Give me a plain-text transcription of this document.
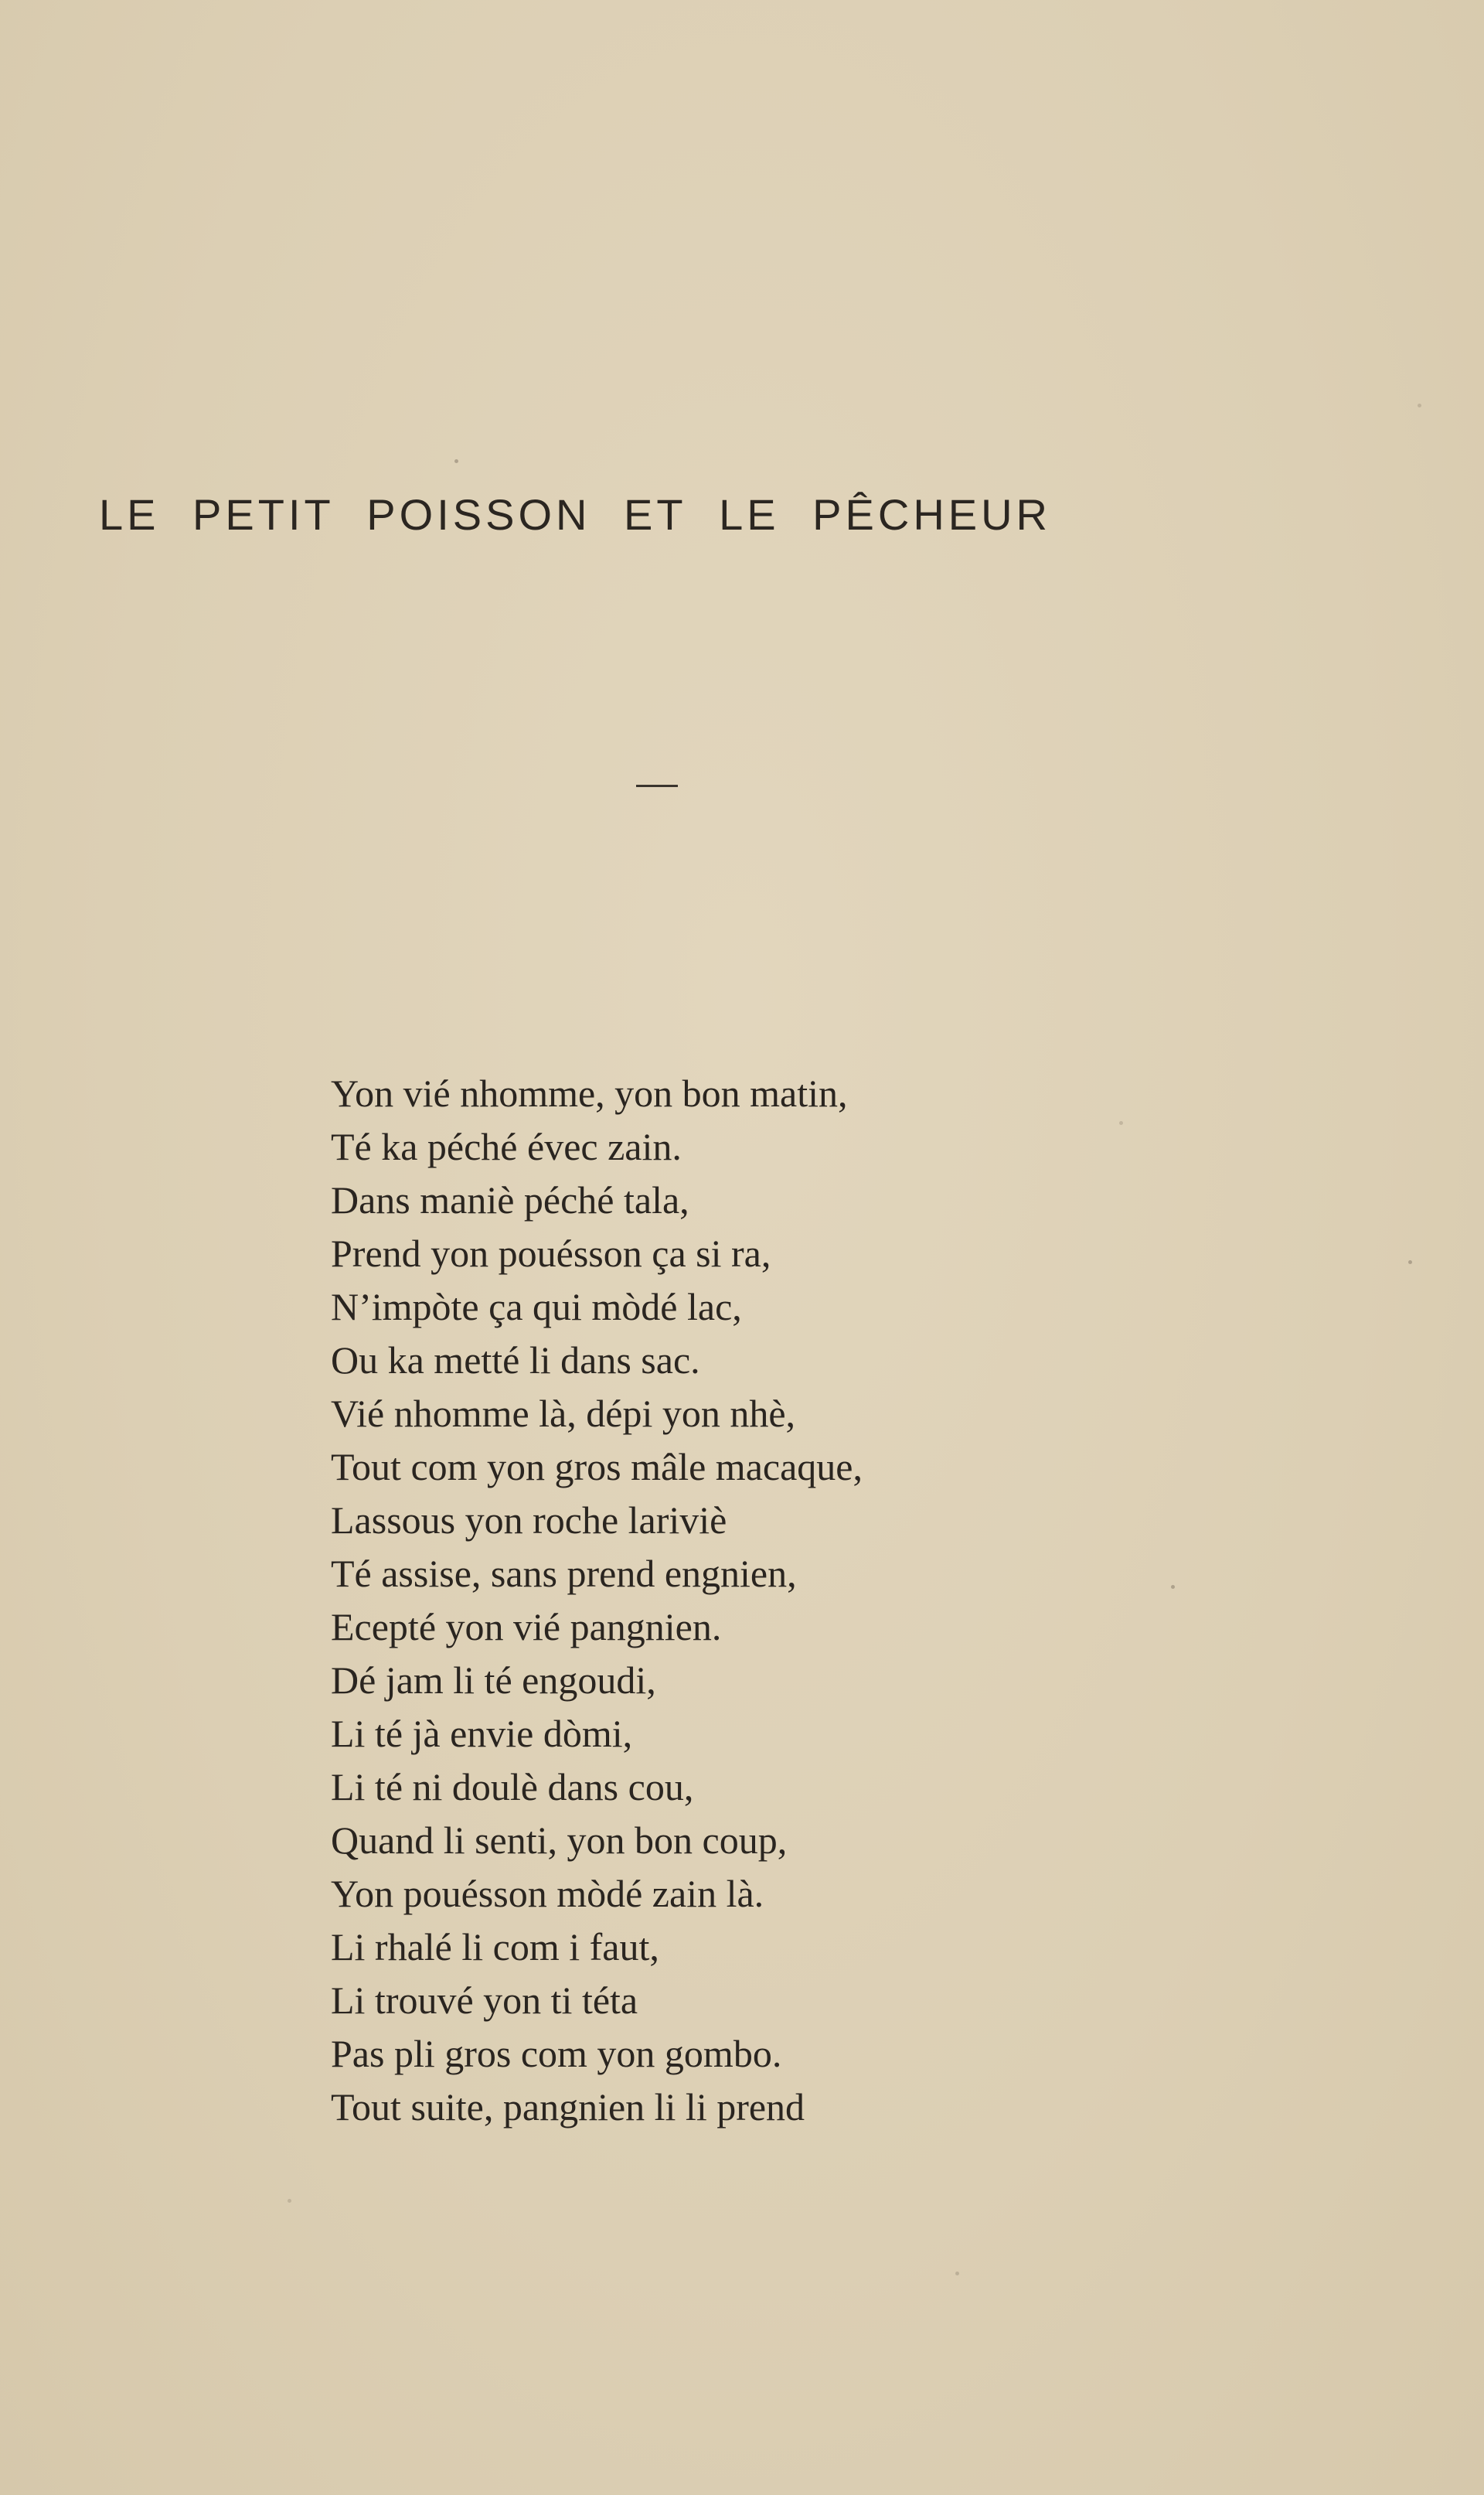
LE PETIT POISSON ET LE PÊCHEUR
Yon vié nhomme, yon bon matin,
Té ka péché évec zain.
Dans maniè péché tala,
Prend yon pouésson ça si ra,
N’impòte ça qui mòdé lac,
Ou ka metté li dans sac.
Vié nhomme là, dépi yon nhè,
Tout com yon gros mâle macaque,
Lassous yon roche lariviè
Té assise, sans prend engnien,
Ecepté yon vié pangnien.
Dé jam li té engoudi,
Li té jà envie dòmi,
Li té ni doulè dans cou,
Quand li senti, yon bon coup,
Yon pouésson mòdé zain là.
Li rhalé li com i faut,
Li trouvé yon ti téta
Pas pli gros com yon gombo.
Tout suite, pangnien li li prend
